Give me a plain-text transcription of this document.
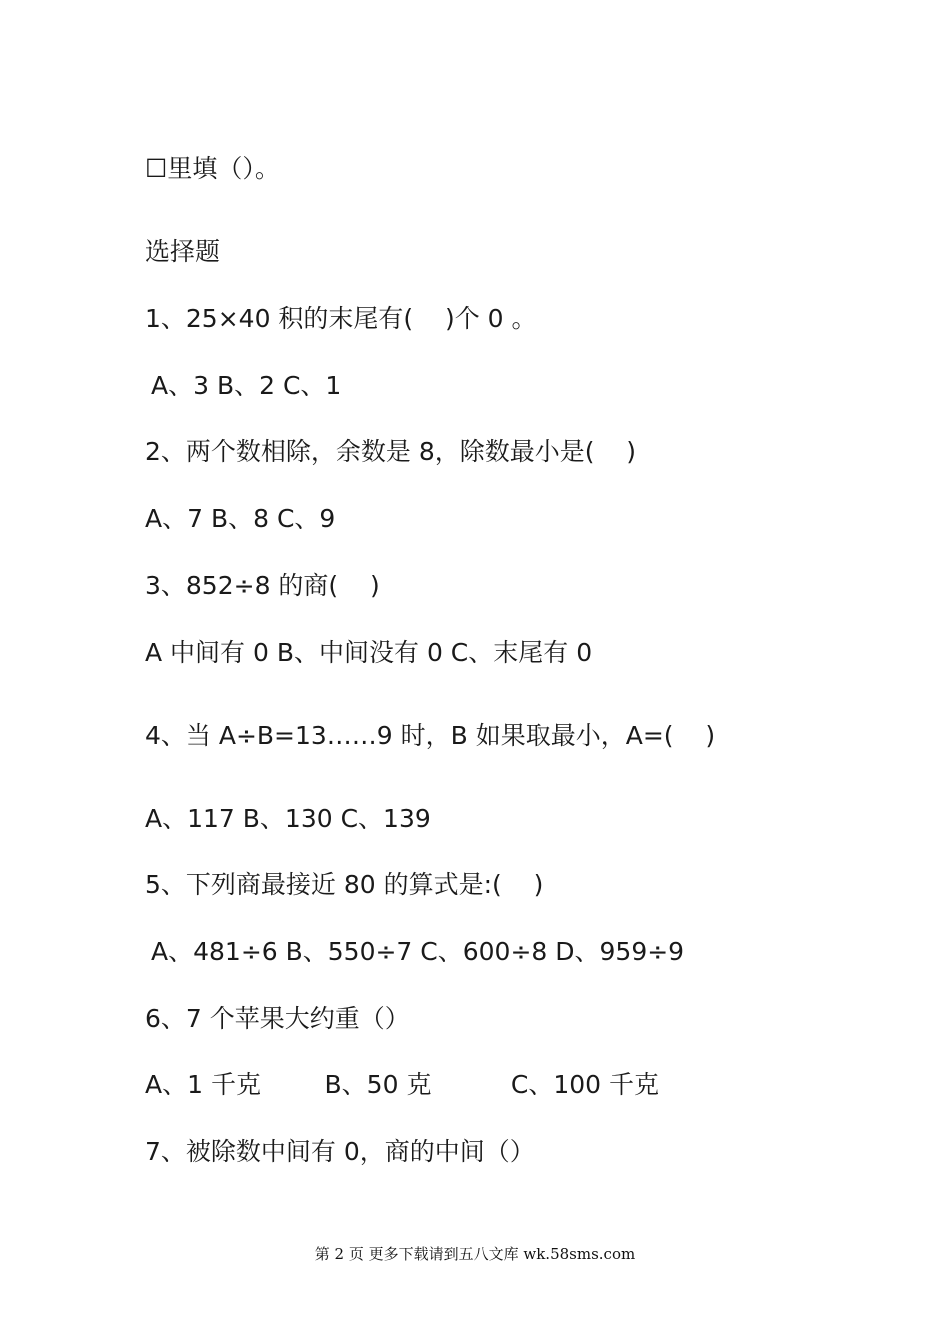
☐里填（）。

选择题

1、25×40 积的末尾有(    )个 0 。

A、3 B、2 C、1

2、两个数相除，余数是 8，除数最小是(    )

A、7 B、8 C、9

3、852÷8 的商(    )

A 中间有 0 B、中间没有 0 C、末尾有 0

4、当 A÷B=13……9 时，B 如果取最小，A=(    )

A、117 B、130 C、139

5、下列商最接近 80 的算式是:(    )

A、481÷6 B、550÷7 C、600÷8 D、959÷9

6、7 个苹果大约重（）

A、1 千克        B、50 克          C、100 千克

7、被除数中间有 0，商的中间（）

第 2 页 更多下载请到五八文库 wk.58sms.com
